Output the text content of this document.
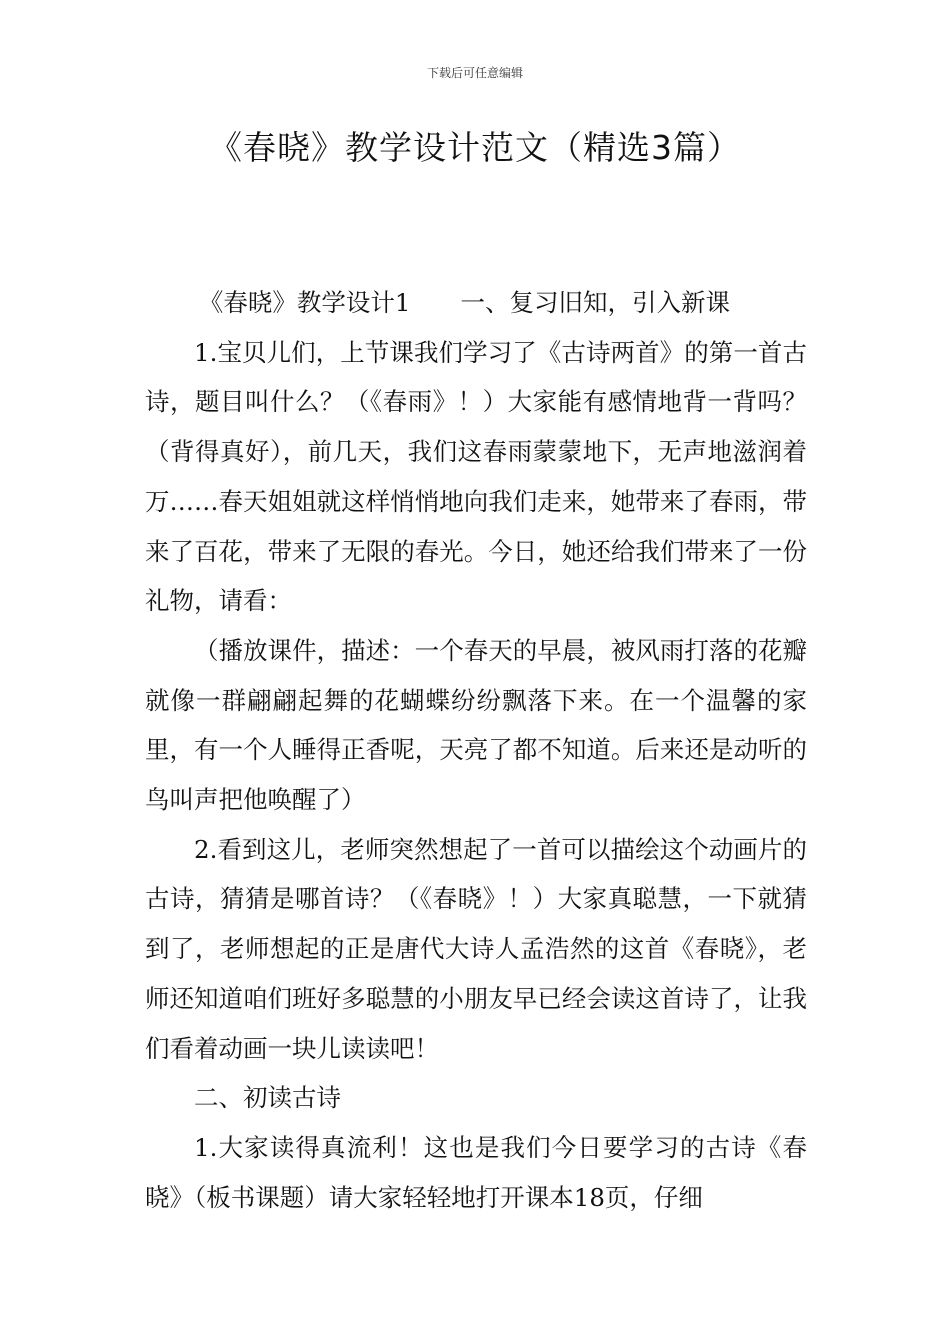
下载后可任意编辑
《春晓》教学设计范文（精选3篇）

《春晓》教学设计1 一、复习旧知，引入新课

1.宝贝儿们，上节课我们学习了《古诗两首》的第一首古诗，题目叫什么？（《春雨》！）大家能有感情地背一背吗？（背得真好），前几天，我们这春雨蒙蒙地下，无声地滋润着万……春天姐姐就这样悄悄地向我们走来，她带来了春雨，带来了百花，带来了无限的春光。今日，她还给我们带来了一份礼物，请看：

（播放课件，描述：一个春天的早晨，被风雨打落的花瓣就像一群翩翩起舞的花蝴蝶纷纷飘落下来。在一个温馨的家里，有一个人睡得正香呢，天亮了都不知道。后来还是动听的鸟叫声把他唤醒了）

2.看到这儿，老师突然想起了一首可以描绘这个动画片的古诗，猜猜是哪首诗？（《春晓》！）大家真聪慧，一下就猜到了，老师想起的正是唐代大诗人孟浩然的这首《春晓》，老师还知道咱们班好多聪慧的小朋友早已经会读这首诗了，让我们看着动画一块儿读读吧！

二、初读古诗

1.大家读得真流利！这也是我们今日要学习的古诗《春晓》（板书课题）请大家轻轻地打开课本18页，仔细
